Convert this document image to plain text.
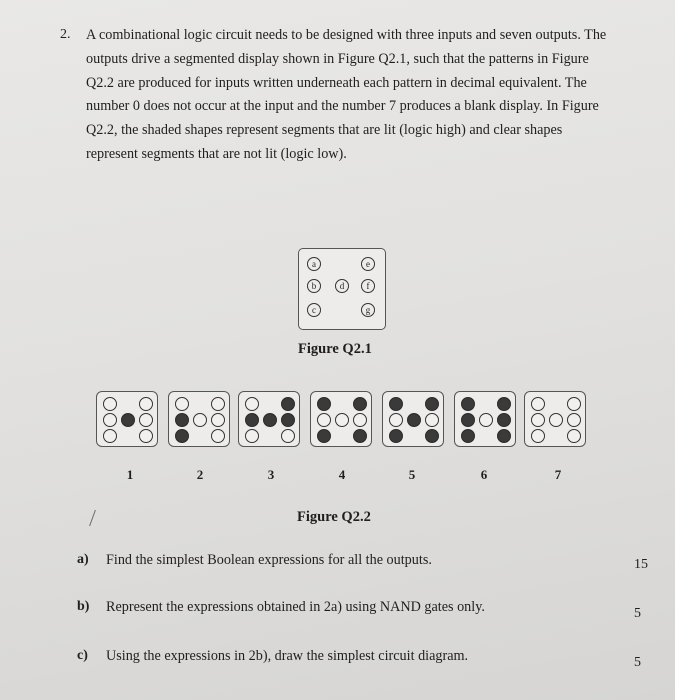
2. A combinational logic circuit needs to be designed with three inputs and seven outputs. The outputs drive a segmented display shown in Figure Q2.1, such that the patterns in Figure Q2.2 are produced for inputs written underneath each pattern in decimal equivalent. The number 0 does not occur at the input and the number 7 produces a blank display. In Figure Q2.2, the shaded shapes represent segments that are lit (logic high) and clear shapes represent segments that are not lit (logic low).

a
b
c
d
e
f
g
Figure Q2.1
1	2	3	4	5	6	7
Figure Q2.2
a) Find the simplest Boolean expressions for all the outputs.	15
b) Represent the expressions obtained in 2a) using NAND gates only.	5
c) Using the expressions in 2b), draw the simplest circuit diagram.	5
